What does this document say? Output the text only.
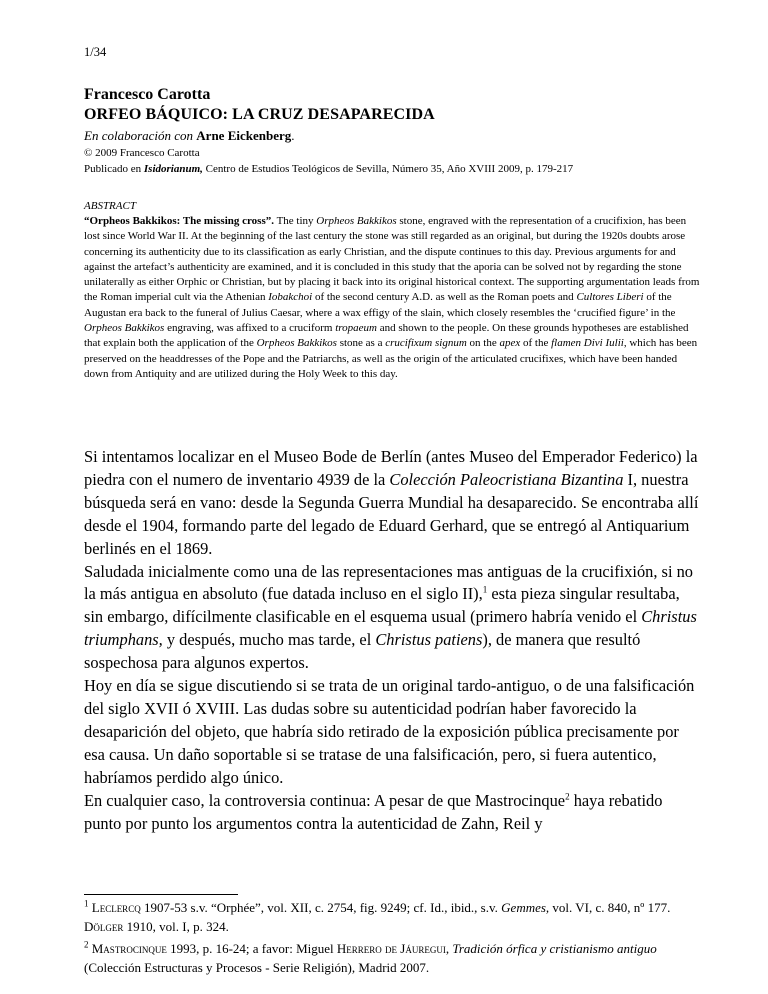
1/34
Francesco Carotta
ORFEO BÁQUICO: LA CRUZ DESAPARECIDA
En colaboración con Arne Eickenberg.
© 2009 Francesco Carotta
Publicado en Isidorianum, Centro de Estudios Teológicos de Sevilla, Número 35, Año XVIII 2009, p. 179-217
ABSTRACT
“Orpheos Bakkikos: The missing cross”. The tiny Orpheos Bakkikos stone, engraved with the representation of a crucifixion, has been lost since World War II. At the beginning of the last century the stone was still regarded as an original, but during the 1920s doubts arose concerning its authenticity due to its classification as early Christian, and the dispute continues to this day. Previous arguments for and against the artefact’s authenticity are examined, and it is concluded in this study that the aporia can be solved not by regarding the stone unilaterally as either Orphic or Christian, but by placing it back into its original historical context. The supporting argumentation leads from the Roman imperial cult via the Athenian Iobakchoi of the second century A.D. as well as the Roman poets and Cultores Liberi of the Augustan era back to the funeral of Julius Caesar, where a wax effigy of the slain, which closely resembles the ‘crucified figure’ in the Orpheos Bakkikos engraving, was affixed to a cruciform tropaeum and shown to the people. On these grounds hypotheses are established that explain both the application of the Orpheos Bakkikos stone as a crucifixum signum on the apex of the flamen Divi Iulii, which has been preserved on the headdresses of the Pope and the Patriarchs, as well as the origin of the articulated crucifixes, which have been handed down from Antiquity and are utilized during the Holy Week to this day.

Si intentamos localizar en el Museo Bode de Berlín (antes Museo del Emperador Federico) la piedra con el numero de inventario 4939 de la Colección Paleocristiana Bizantina I, nuestra búsqueda será en vano: desde la Segunda Guerra Mundial ha desaparecido. Se encontraba allí desde el 1904, formando parte del legado de Eduard Gerhard, que se entregó al Antiquarium berlinés en el 1869.

Saludada inicialmente como una de las representaciones mas antiguas de la crucifixión, si no la más antigua en absoluto (fue datada incluso en el siglo II),$^1$ esta pieza singular resultaba, sin embargo, difícilmente clasificable en el esquema usual (primero habría venido el Christus triumphans, y después, mucho mas tarde, el Christus patiens), de manera que resultó sospechosa para algunos expertos.

Hoy en día se sigue discutiendo si se trata de un original tardo-antiguo, o de una falsificación del siglo XVII ó XVIII. Las dudas sobre su autenticidad podrían haber favorecido la desaparición del objeto, que habría sido retirado de la exposición pública precisamente por esa causa. Un daño soportable si se tratase de una falsificación, pero, si fuera autentico, habríamos perdido algo único.

En cualquier caso, la controversia continua: A pesar de que Mastrocinque$^2$ haya rebatido punto por punto los argumentos contra la autenticidad de Zahn, Reil y

$^1$ Leclercq 1907-53 s.v. “Orphée”, vol. XII, c. 2754, fig. 9249; cf. Id., ibid., s.v. Gemmes, vol. VI, c. 840, nº 177. Dölger 1910, vol. I, p. 324.
$^2$ Mastrocinque 1993, p. 16-24; a favor: Miguel Herrero de Jáuregui, Tradición órfica y cristianismo antiguo (Colección Estructuras y Procesos - Serie Religión), Madrid 2007.
